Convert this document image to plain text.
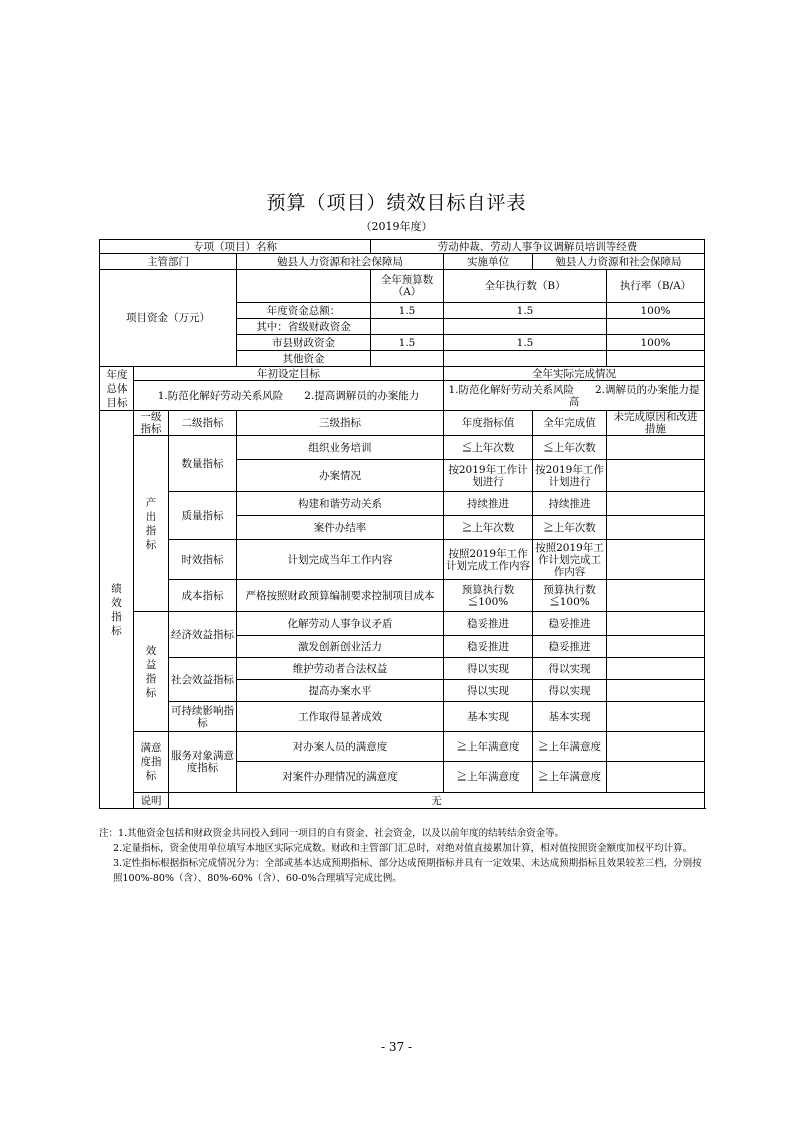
预算（项目）绩效目标自评表
（2019年度）
专项（项目）名称				劳动仲裁、劳动人事争议调解员培训等经费			
主管部门			勉县人力资源和社会保障局		实施单位	勉县人力资源和社会保障局	
项目资金（万元）				全年预算数（A）	全年执行数（B）		执行率（B/A）
			年度资金总额：	1.5	1.5		100%
			其中：省级财政资金				
			市县财政资金	1.5	1.5		100%
			其他资金				
年度总体目标	年初设定目标				全年实际完成情况		
	1.防范化解好劳动关系风险　　2.提高调解员的办案能力				1.防范化解好劳动关系风险　　2.调解员的办案能力提高		
绩效指标	一级指标	二级指标	三级指标		年度指标值	全年完成值	未完成原因和改进措施
	产出指标	数量指标	组织业务培训		≦上年次数	≦上年次数	
			办案情况		按2019年工作计划进行	按2019年工作计划进行	
		质量指标	构建和谐劳动关系		持续推进	持续推进	
			案件办结率		≧上年次数	≧上年次数	
		时效指标	计划完成当年工作内容		按照2019年工作计划完成工作内容	按照2019年工作计划完成工作内容	
		成本指标	严格按照财政预算编制要求控制项目成本		预算执行数≦100%	预算执行数≦100%	
	效益指标	经济效益指标	化解劳动人事争议矛盾		稳妥推进	稳妥推进	
			激发创新创业活力		稳妥推进	稳妥推进	
		社会效益指标	维护劳动者合法权益		得以实现	得以实现	
			提高办案水平		得以实现	得以实现	
		可持续影响指标	工作取得显著成效		基本实现	基本实现	
	满意度指标	服务对象满意度指标	对办案人员的满意度		≧上年满意度	≧上年满意度	
			对案件办理情况的满意度		≧上年满意度	≧上年满意度	
	说明	无					

注：1.其他资金包括和财政资金共同投入到同一项目的自有资金、社会资金，以及以前年度的结转结余资金等。

2.定量指标，资金使用单位填写本地区实际完成数。财政和主管部门汇总时，对绝对值直接累加计算，相对值按照资金额度加权平均计算。

3.定性指标根据指标完成情况分为：全部或基本达成预期指标、部分达成预期指标并具有一定效果、未达成预期指标且效果较差三档，分别按照100%-80%（含）、80%-60%（含）、60-0%合理填写完成比例。

- 37 -
